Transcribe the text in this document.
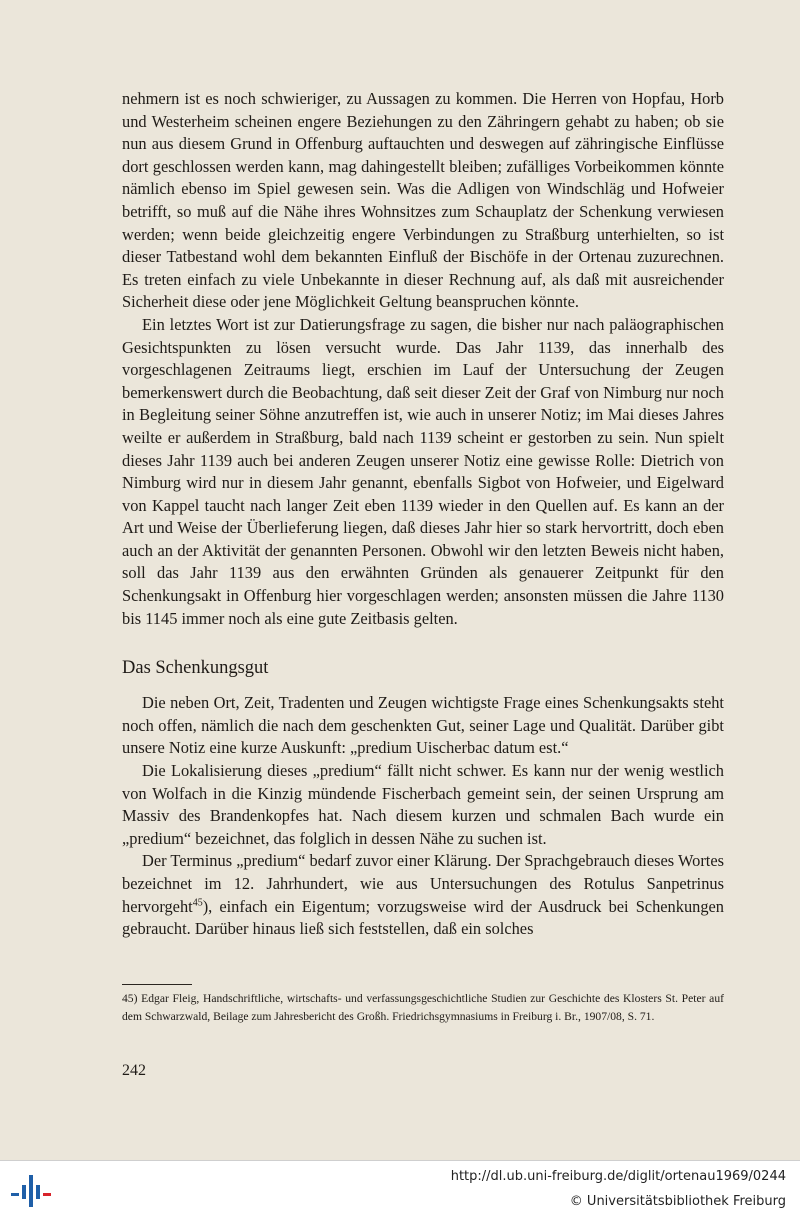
nehmern ist es noch schwieriger, zu Aussagen zu kommen. Die Herren von Hopfau, Horb und Westerheim scheinen engere Beziehungen zu den Zähringern gehabt zu haben; ob sie nun aus diesem Grund in Offenburg auftauchten und deswegen auf zähringische Einflüsse dort geschlossen werden kann, mag dahingestellt bleiben; zufälliges Vorbeikommen könnte nämlich ebenso im Spiel gewesen sein. Was die Adligen von Windschläg und Hofweier betrifft, so muß auf die Nähe ihres Wohnsitzes zum Schauplatz der Schenkung verwiesen werden; wenn beide gleichzeitig engere Verbindungen zu Straßburg unterhielten, so ist dieser Tatbestand wohl dem bekannten Einfluß der Bischöfe in der Ortenau zuzurechnen. Es treten einfach zu viele Unbekannte in dieser Rechnung auf, als daß mit ausreichender Sicherheit diese oder jene Möglichkeit Geltung beanspruchen könnte.

Ein letztes Wort ist zur Datierungsfrage zu sagen, die bisher nur nach paläographischen Gesichtspunkten zu lösen versucht wurde. Das Jahr 1139, das innerhalb des vorgeschlagenen Zeitraums liegt, erschien im Lauf der Untersuchung der Zeugen bemerkenswert durch die Beobachtung, daß seit dieser Zeit der Graf von Nimburg nur noch in Begleitung seiner Söhne anzutreffen ist, wie auch in unserer Notiz; im Mai dieses Jahres weilte er außerdem in Straßburg, bald nach 1139 scheint er gestorben zu sein. Nun spielt dieses Jahr 1139 auch bei anderen Zeugen unserer Notiz eine gewisse Rolle: Dietrich von Nimburg wird nur in diesem Jahr genannt, ebenfalls Sigbot von Hofweier, und Eigelward von Kappel taucht nach langer Zeit eben 1139 wieder in den Quellen auf. Es kann an der Art und Weise der Überlieferung liegen, daß dieses Jahr hier so stark hervortritt, doch eben auch an der Aktivität der genannten Personen. Obwohl wir den letzten Beweis nicht haben, soll das Jahr 1139 aus den erwähnten Gründen als genauerer Zeitpunkt für den Schenkungsakt in Offenburg hier vorgeschlagen werden; ansonsten müssen die Jahre 1130 bis 1145 immer noch als eine gute Zeitbasis gelten.

Das Schenkungsgut

Die neben Ort, Zeit, Tradenten und Zeugen wichtigste Frage eines Schenkungsakts steht noch offen, nämlich die nach dem geschenkten Gut, seiner Lage und Qualität. Darüber gibt unsere Notiz eine kurze Auskunft: „predium Uischerbac datum est.“

Die Lokalisierung dieses „predium“ fällt nicht schwer. Es kann nur der wenig westlich von Wolfach in die Kinzig mündende Fischerbach gemeint sein, der seinen Ursprung am Massiv des Brandenkopfes hat. Nach diesem kurzen und schmalen Bach wurde ein „predium“ bezeichnet, das folglich in dessen Nähe zu suchen ist.

Der Terminus „predium“ bedarf zuvor einer Klärung. Der Sprachgebrauch dieses Wortes bezeichnet im 12. Jahrhundert, wie aus Untersuchungen des Rotulus Sanpetrinus hervorgeht$^{45}$), einfach ein Eigentum; vorzugsweise wird der Ausdruck bei Schenkungen gebraucht. Darüber hinaus ließ sich feststellen, daß ein solches

45) Edgar Fleig, Handschriftliche, wirtschafts- und verfassungsgeschichtliche Studien zur Geschichte des Klosters St. Peter auf dem Schwarzwald, Beilage zum Jahresbericht des Großh. Friedrichsgymnasiums in Freiburg i. Br., 1907/08, S. 71.
242
http://dl.ub.uni-freiburg.de/diglit/ortenau1969/0244
© Universitätsbibliothek Freiburg
